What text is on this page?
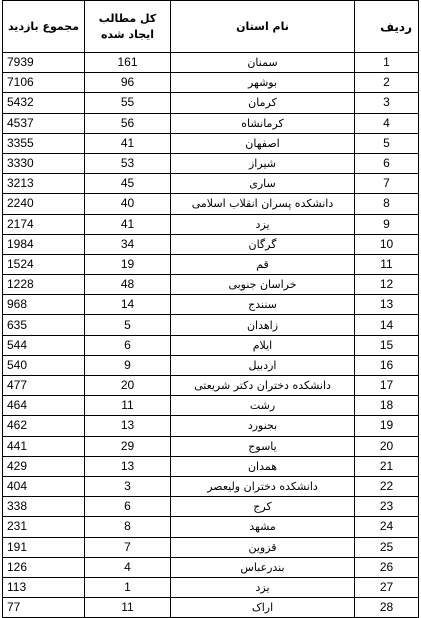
ردیف	نام استان	کل مطالب ایجاد شده	مجموع بازدید
1	سمنان	161	7939
2	بوشهر	96	7106
3	کرمان	55	5432
4	کرمانشاه	56	4537
5	اصفهان	41	3355
6	شیراز	53	3330
7	ساری	45	3213
8	دانشکده پسران انقلاب اسلامی	40	2240
9	یزد	41	2174
10	گرگان	34	1984
11	قم	19	1524
12	خراسان جنوبی	48	1228
13	سنندج	14	968
14	زاهدان	5	635
15	ایلام	6	544
16	اردبیل	9	540
17	دانشکده دختران دکتر شریعتی	20	477
18	رشت	11	464
19	بجنورد	13	462
20	یاسوج	29	441
21	همدان	13	429
22	دانشکده دختران ولیعصر	3	404
23	کرج	6	338
24	مشهد	8	231
25	قزوین	7	191
26	بندرعباس	4	126
27	یزد	1	113
28	اراک	11	77
